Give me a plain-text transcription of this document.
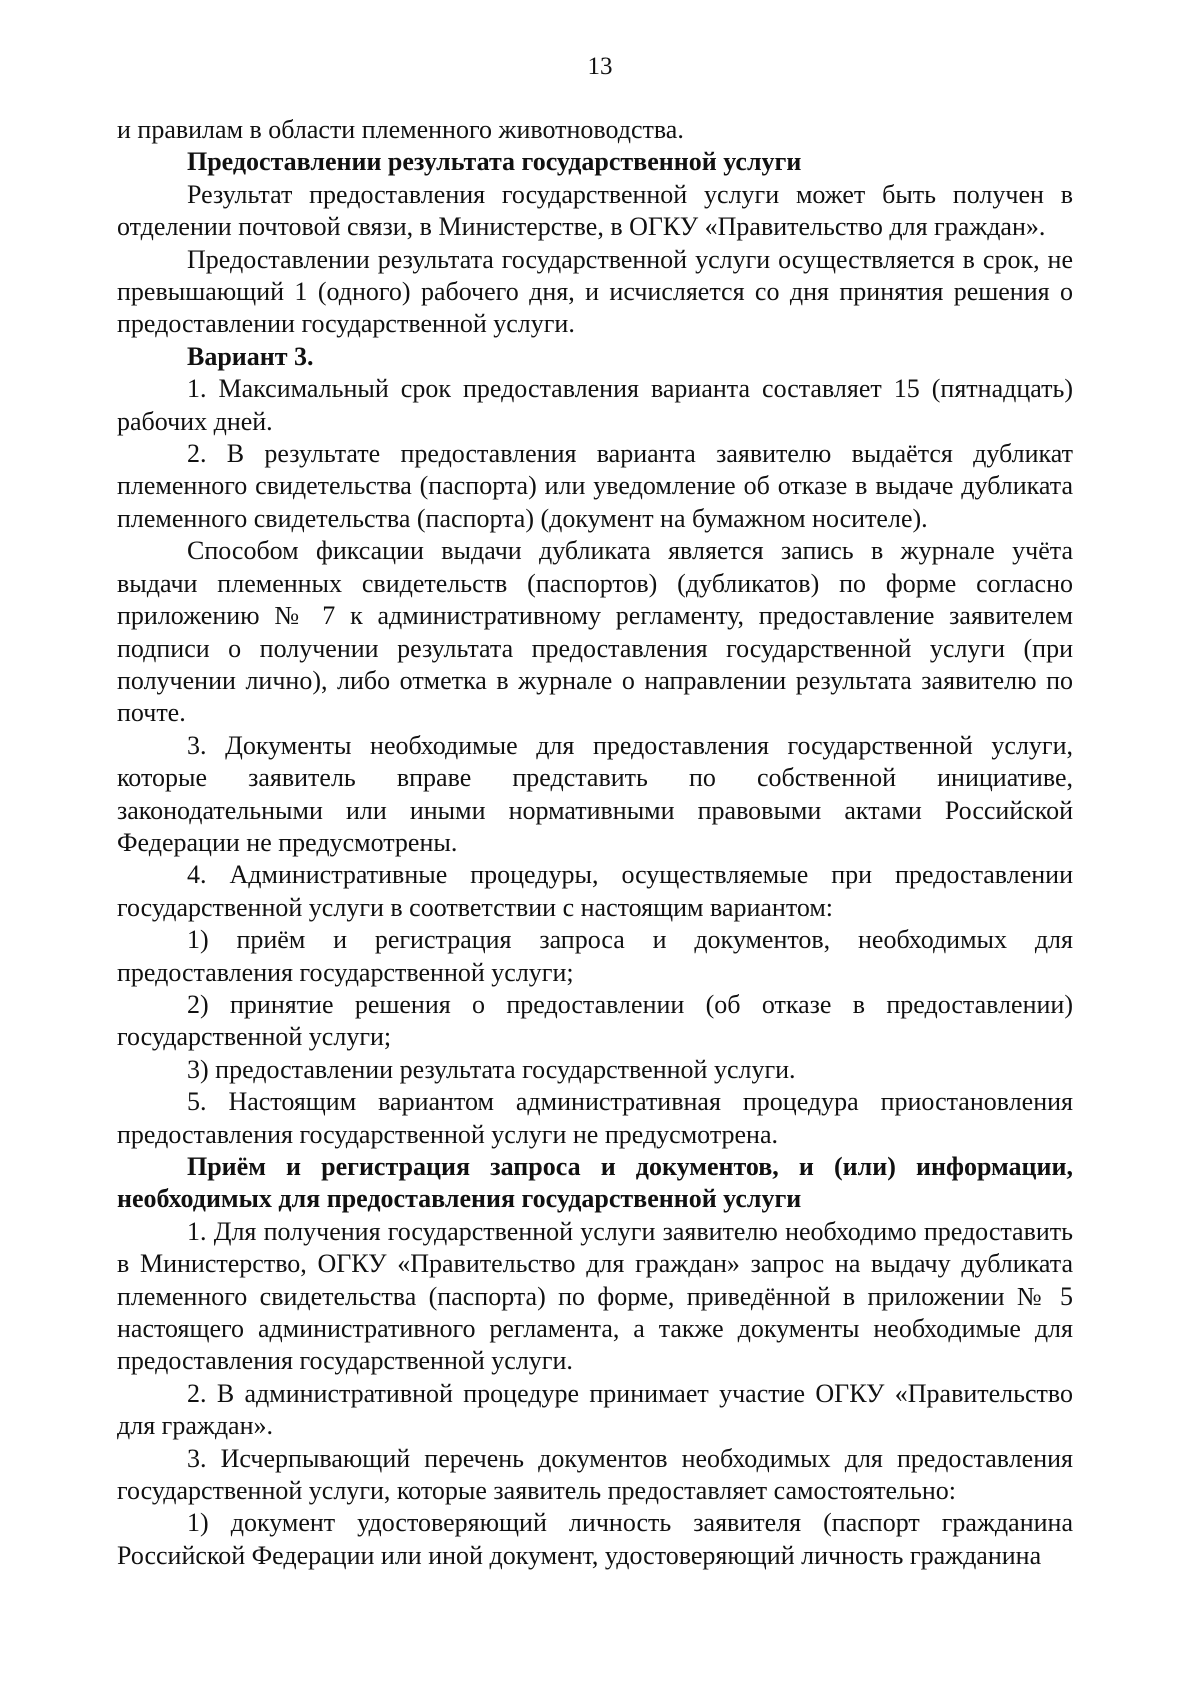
13

и правилам в области племенного животноводства.

Предоставлении результата государственной услуги

Результат предоставления государственной услуги может быть получен в отделении почтовой связи, в Министерстве, в ОГКУ «Правительство для граждан».

Предоставлении результата государственной услуги осуществляется в срок, не превышающий 1 (одного) рабочего дня, и исчисляется со дня принятия решения о предоставлении государственной услуги.

Вариант 3.

1. Максимальный срок предоставления варианта составляет 15 (пятнадцать) рабочих дней.

2. В результате предоставления варианта заявителю выдаётся дубликат племенного свидетельства (паспорта) или уведомление об отказе в выдаче дубликата племенного свидетельства (паспорта) (документ на бумажном носителе).

Способом фиксации выдачи дубликата является запись в журнале учёта выдачи племенных свидетельств (паспортов) (дубликатов) по форме согласно приложению № 7 к административному регламенту, предоставление заявителем подписи о получении результата предоставления государственной услуги (при получении лично), либо отметка в журнале о направлении результата заявителю по почте.

3. Документы необходимые для предоставления государственной услуги, которые заявитель вправе представить по собственной инициативе, законодательными или иными нормативными правовыми актами Российской Федерации не предусмотрены.

4. Административные процедуры, осуществляемые при предоставлении государственной услуги в соответствии с настоящим вариантом:

1) приём и регистрация запроса и документов, необходимых для предоставления государственной услуги;

2) принятие решения о предоставлении (об отказе в предоставлении) государственной услуги;

3) предоставлении результата государственной услуги.

5. Настоящим вариантом административная процедура приостановления предоставления государственной услуги не предусмотрена.

Приём и регистрация запроса и документов, и (или) информации, необходимых для предоставления государственной услуги

1. Для получения государственной услуги заявителю необходимо предоставить в Министерство, ОГКУ «Правительство для граждан» запрос на выдачу дубликата племенного свидетельства (паспорта) по форме, приведённой в приложении № 5 настоящего административного регламента, а также документы необходимые для предоставления государственной услуги.

2. В административной процедуре принимает участие ОГКУ «Правительство для граждан».

3. Исчерпывающий перечень документов необходимых для предоставления государственной услуги, которые заявитель предоставляет самостоятельно:

1) документ удостоверяющий личность заявителя (паспорт гражданина Российской Федерации или иной документ, удостоверяющий личность гражданина
